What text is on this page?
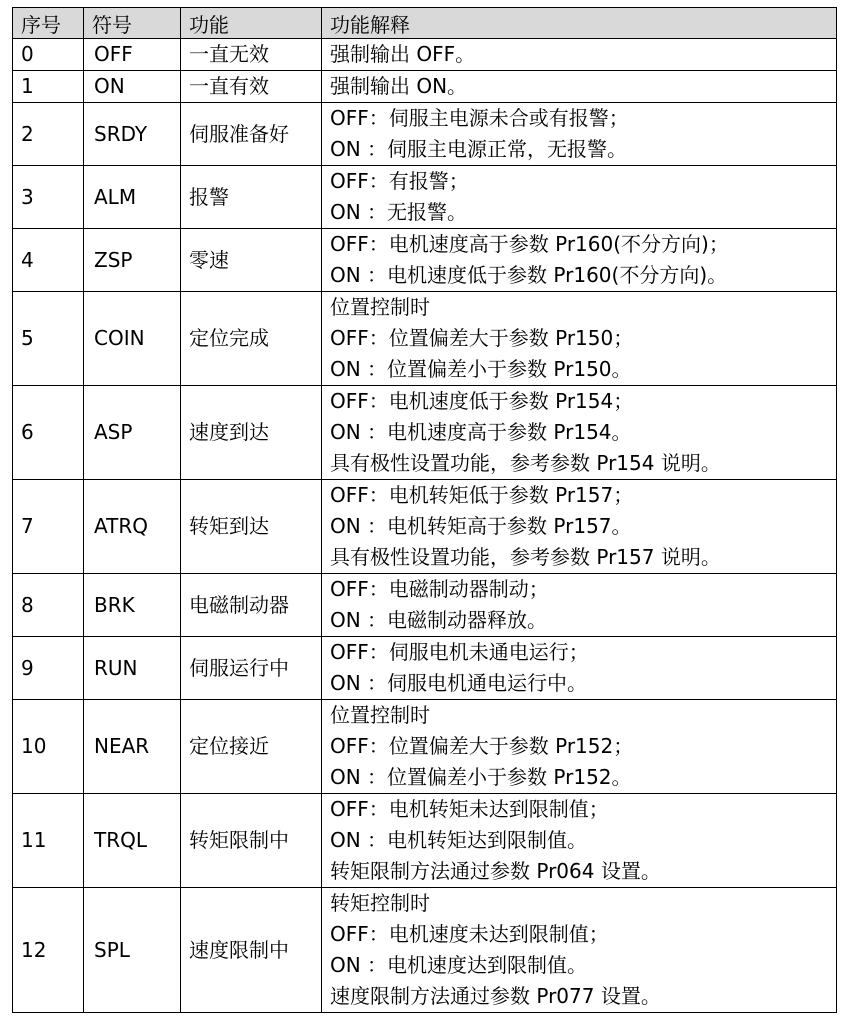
序号	符号	功能	功能解释
0	OFF	一直无效	强制输出 OFF。

1	ON	一直有效	强制输出 ON。

2	SRDY	伺服准备好	OFF：伺服主电源未合或有报警；
ON ：伺服主电源正常，无报警。

3	ALM	报警	OFF：有报警；
ON ：无报警。

4	ZSP	零速	OFF：电机速度高于参数 Pr160(不分方向)；
ON ：电机速度低于参数 Pr160(不分方向)。

5	COIN	定位完成	位置控制时
OFF：位置偏差大于参数 Pr150；
ON ：位置偏差小于参数 Pr150。

6	ASP	速度到达	OFF：电机速度低于参数 Pr154；
ON ：电机速度高于参数 Pr154。
具有极性设置功能，参考参数 Pr154 说明。

7	ATRQ	转矩到达	OFF：电机转矩低于参数 Pr157；
ON ：电机转矩高于参数 Pr157。
具有极性设置功能，参考参数 Pr157 说明。

8	BRK	电磁制动器	OFF：电磁制动器制动；
ON ：电磁制动器释放。

9	RUN	伺服运行中	OFF：伺服电机未通电运行；
ON ：伺服电机通电运行中。

10	NEAR	定位接近	位置控制时
OFF：位置偏差大于参数 Pr152；
ON ：位置偏差小于参数 Pr152。

11	TRQL	转矩限制中	OFF：电机转矩未达到限制值；
ON ：电机转矩达到限制值。
转矩限制方法通过参数 Pr064 设置。

12	SPL	速度限制中	转矩控制时
OFF：电机速度未达到限制值；
ON ：电机速度达到限制值。
速度限制方法通过参数 Pr077 设置。
